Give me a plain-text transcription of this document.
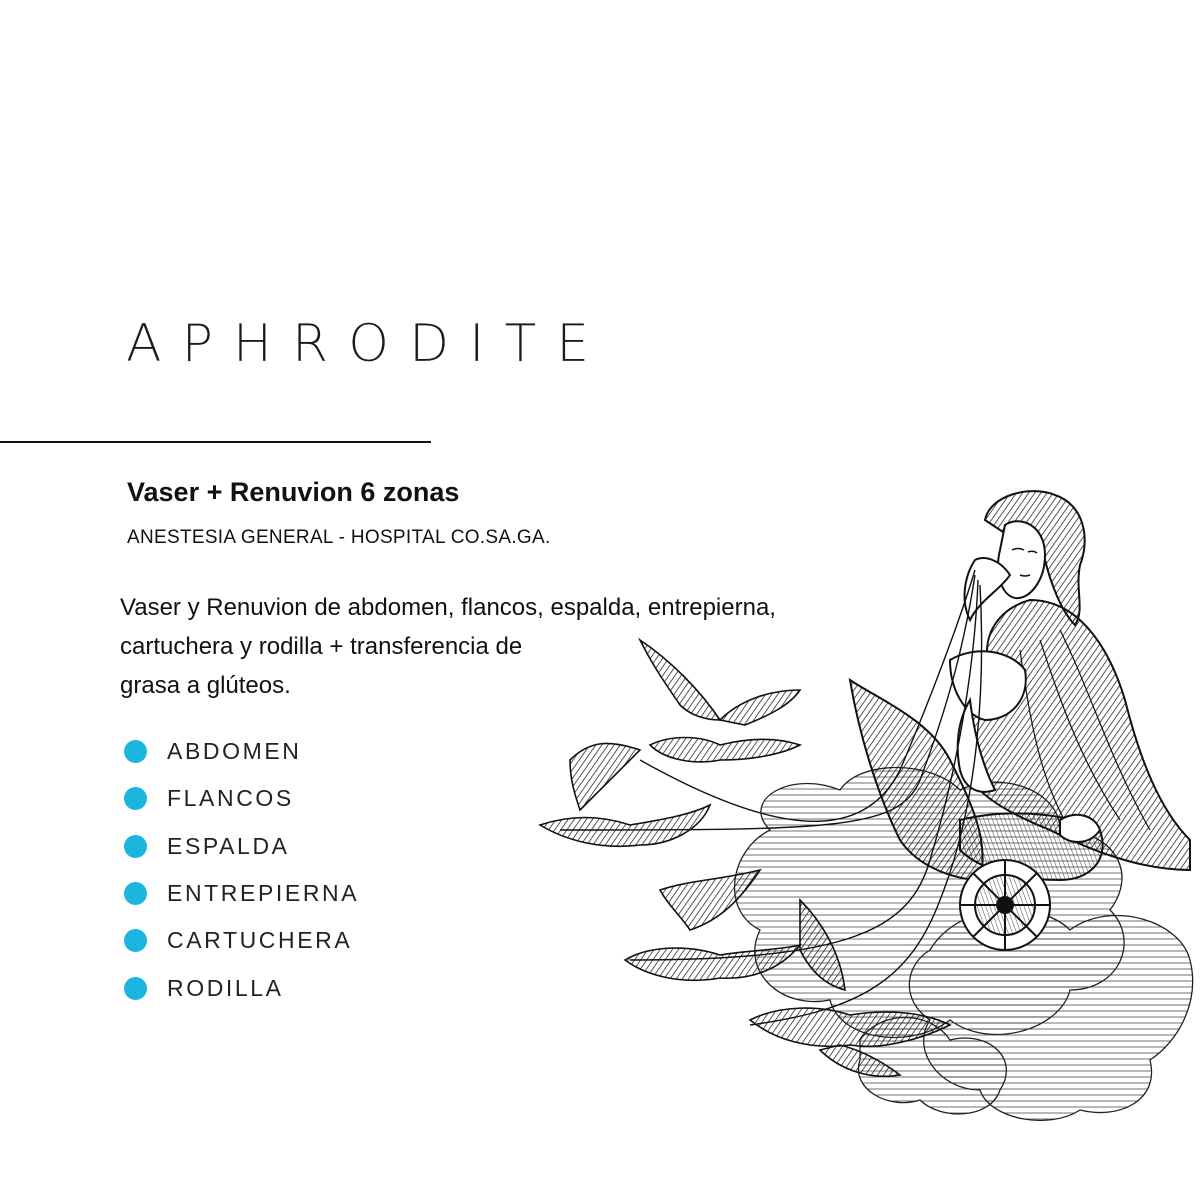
APHRODITE
Vaser + Renuvion 6 zonas
ANESTESIA GENERAL - HOSPITAL CO.SA.GA.

Vaser y Renuvion de abdomen, flancos, espalda, entrepierna,
cartuchera y rodilla + transferencia de
grasa a glúteos.

ABDOMEN
FLANCOS
ESPALDA
ENTREPIERNA
CARTUCHERA
RODILLA
